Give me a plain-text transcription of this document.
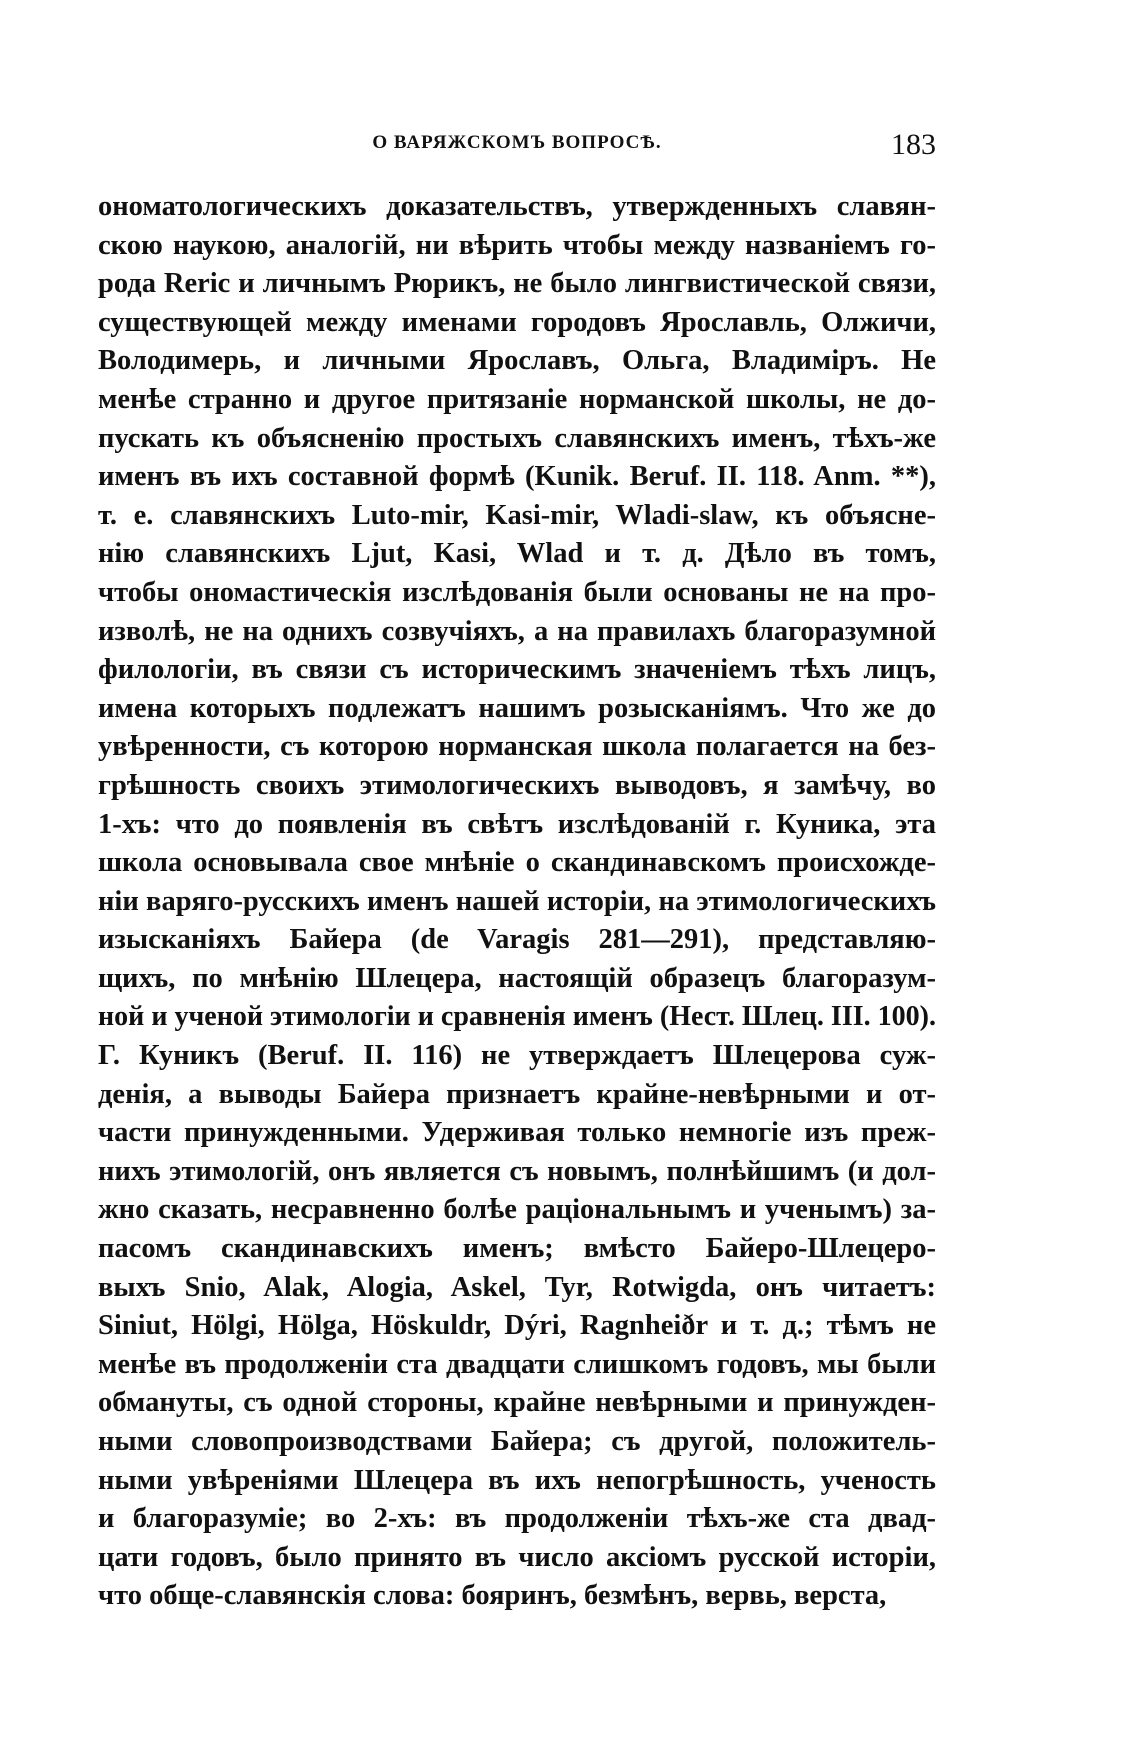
О ВАРЯЖСКОМЪ ВОПРОСѢ.	183
ономатологическихъ доказательствъ, утвержденныхъ славян-
скою наукою, аналогій, ни вѣрить чтобы между названіемъ го-
рода Reric и личнымъ Рюрикъ, не было лингвистической связи,
существующей между именами городовъ Ярославль, Олжичи,
Володимерь, и личными Ярославъ, Ольга, Владиміръ. Не
менѣе странно и другое притязаніе норманской школы, не до-
пускать къ объясненію простыхъ славянскихъ именъ, тѣхъ-же
именъ въ ихъ составной формѣ (Kunik. Beruf. II. 118. Anm. **),
т. е. славянскихъ Luto-mir, Kasi-mir, Wladi-slaw, къ объясне-
нію славянскихъ Ljut, Kasi, Wlad и т. д. Дѣло въ томъ,
чтобы ономастическія изслѣдованія были основаны не на про-
изволѣ, не на однихъ созвучіяхъ, а на правилахъ благоразумной
филологіи, въ связи съ историческимъ значеніемъ тѣхъ лицъ,
имена которыхъ подлежатъ нашимъ розысканіямъ. Что же до
увѣренности, съ которою норманская школа полагается на без-
грѣшность своихъ этимологическихъ выводовъ, я замѣчу, во
1-хъ: что до появленія въ свѣтъ изслѣдованій г. Куника, эта
школа основывала свое мнѣніе о скандинавскомъ происхожде-
ніи варяго-русскихъ именъ нашей исторіи, на этимологическихъ
изысканіяхъ Байера (de Varagis 281—291), представляю-
щихъ, по мнѣнію Шлецера, настоящій образецъ благоразум-
ной и ученой этимологіи и сравненія именъ (Нест. Шлец. III. 100).
Г. Куникъ (Beruf. II. 116) не утверждаетъ Шлецерова суж-
денія, а выводы Байера признаетъ крайне-невѣрными и от-
части принужденными. Удерживая только немногіе изъ преж-
нихъ этимологій, онъ является съ новымъ, полнѣйшимъ (и дол-
жно сказать, несравненно болѣе раціональнымъ и ученымъ) за-
пасомъ скандинавскихъ именъ; вмѣсто Байеро-Шлецеро-
выхъ Snio, Alak, Alogia, Askel, Tyr, Rotwigda, онъ читаетъ:
Siniut, Hölgi, Hölga, Höskuldr, Dýri, Ragnheiðr и т. д.; тѣмъ не
менѣе въ продолженіи ста двадцати слишкомъ годовъ, мы были
обмануты, съ одной стороны, крайне невѣрными и принужден-
ными словопроизводствами Байера; съ другой, положитель-
ными увѣреніями Шлецера въ ихъ непогрѣшность, ученость
и благоразуміе; во 2-хъ: въ продолженіи тѣхъ-же ста двад-
цати годовъ, было принято въ число аксіомъ русской исторіи,
что обще-славянскія слова: бояринъ, безмѣнъ, вервь, верста,
